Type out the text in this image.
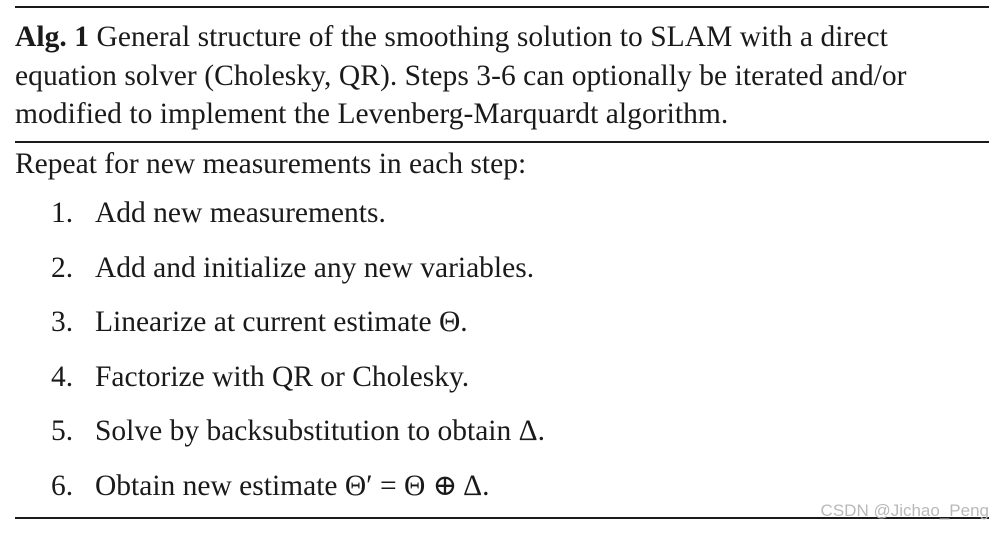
Alg. 1 General structure of the smoothing solution to SLAM with a direct
equation solver (Cholesky, QR). Steps 3-6 can optionally be iterated and/or
modified to implement the Levenberg-Marquardt algorithm.
Repeat for new measurements in each step:
1. Add new measurements.
2. Add and initialize any new variables.
3. Linearize at current estimate Θ.
4. Factorize with QR or Cholesky.
5. Solve by backsubstitution to obtain Δ.
6. Obtain new estimate Θ′ = Θ ⊕ Δ.
CSDN @Jichao_Peng
